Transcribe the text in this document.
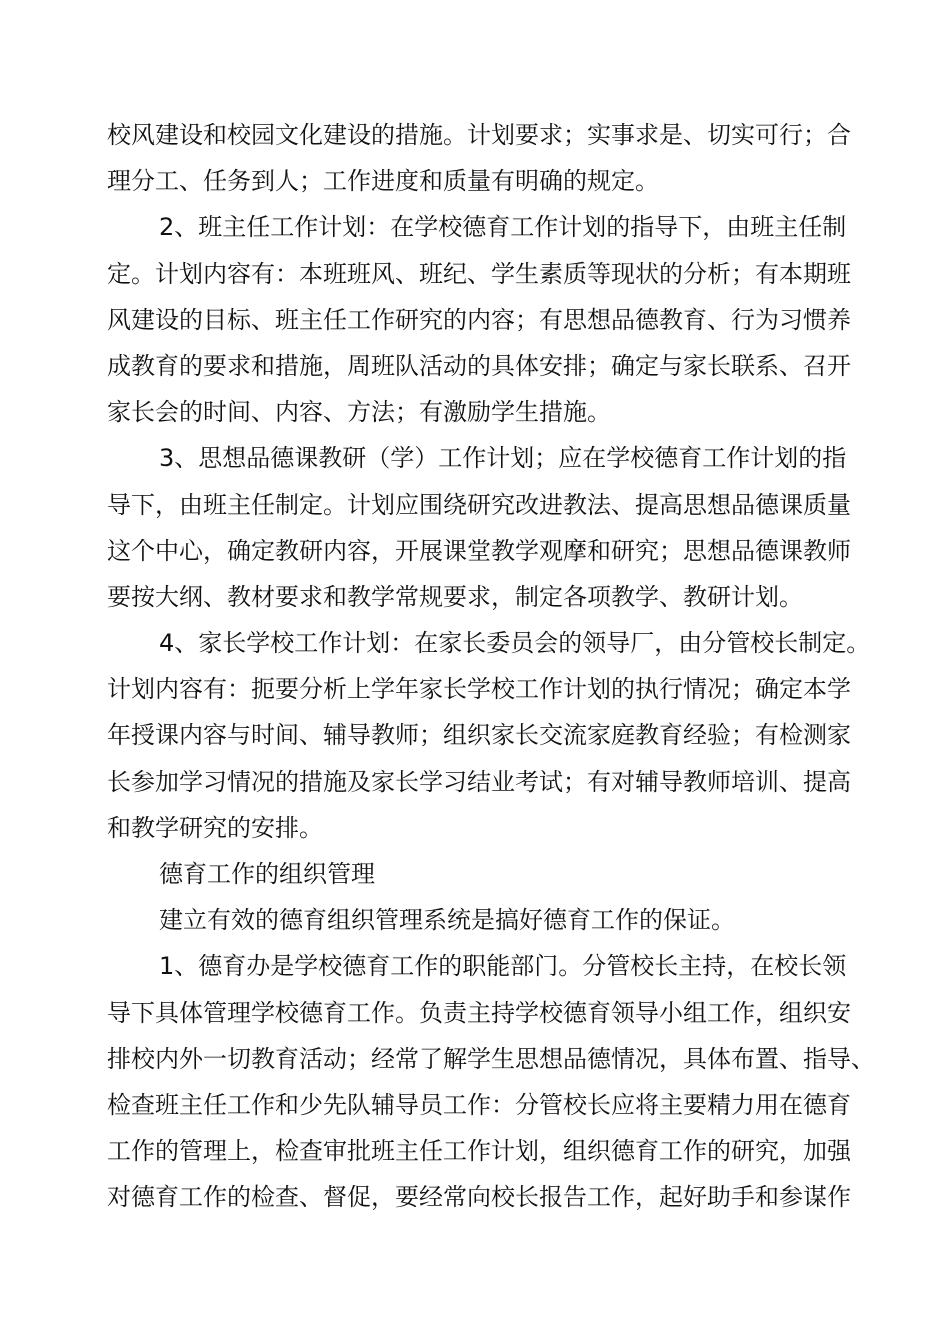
校风建设和校园文化建设的措施。计划要求；实事求是、切实可行；合
理分工、任务到人；工作进度和质量有明确的规定。
2、班主任工作计划：在学校德育工作计划的指导下，由班主任制
定。计划内容有：本班班风、班纪、学生素质等现状的分析；有本期班
风建设的目标、班主任工作研究的内容；有思想品德教育、行为习惯养
成教育的要求和措施，周班队活动的具体安排；确定与家长联系、召开
家长会的时间、内容、方法；有激励学生措施。
3、思想品德课教研（学）工作计划；应在学校德育工作计划的指
导下，由班主任制定。计划应围绕研究改进教法、提高思想品德课质量
这个中心，确定教研内容，开展课堂教学观摩和研究；思想品德课教师
要按大纲、教材要求和教学常规要求，制定各项教学、教研计划。
4、家长学校工作计划：在家长委员会的领导厂，由分管校长制定。
计划内容有：扼要分析上学年家长学校工作计划的执行情况；确定本学
年授课内容与时间、辅导教师；组织家长交流家庭教育经验；有检测家
长参加学习情况的措施及家长学习结业考试；有对辅导教师培训、提高
和教学研究的安排。
德育工作的组织管理
建立有效的德育组织管理系统是搞好德育工作的保证。
1、德育办是学校德育工作的职能部门。分管校长主持，在校长领
导下具体管理学校德育工作。负责主持学校德育领导小组工作，组织安
排校内外一切教育活动；经常了解学生思想品德情况，具体布置、指导、
检查班主任工作和少先队辅导员工作：分管校长应将主要精力用在德育
工作的管理上，检查审批班主任工作计划，组织德育工作的研究，加强
对德育工作的检查、督促，要经常向校长报告工作，起好助手和参谋作
